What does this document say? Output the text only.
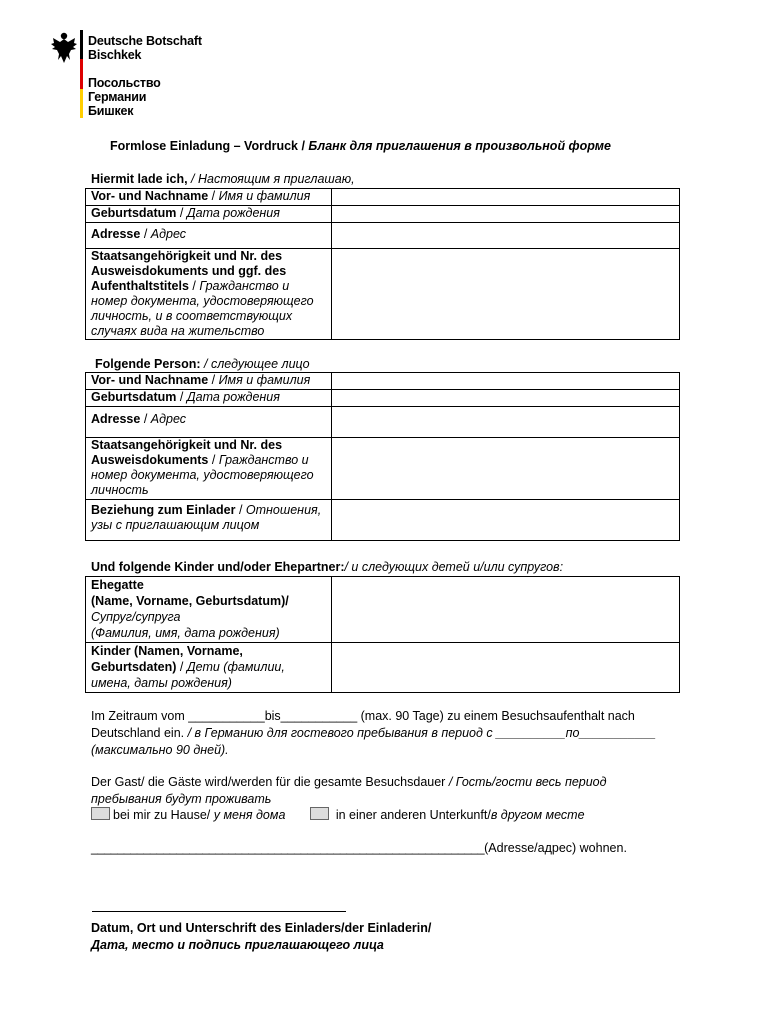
Deutsche Botschaft
Bischkek
Посольство
Германии
Бишкек
Formlose Einladung – Vordruck / Бланк для приглашения в произвольной форме
Hiermit lade ich, / Настоящим я приглашаю,
Vor- und Nachname / Имя и фамилия	
Geburtsdatum / Дата рождения	
Adresse / Адрес	
Staatsangehörigkeit und Nr. des Ausweisdokuments und ggf. des Aufenthaltstitels / Гражданство и номер документа, удостоверяющего личность, и в соответствующих случаях вида на жительство	
Folgende Person: / следующее лицо
Vor- und Nachname / Имя и фамилия	
Geburtsdatum / Дата рождения	
Adresse / Адрес	
Staatsangehörigkeit und Nr. des Ausweisdokuments / Гражданство и номер документа, удостоверяющего личность	
Beziehung zum Einlader / Отношения, узы с приглашающим лицом	
Und folgende Kinder und/oder Ehepartner:/ и следующих детей и/или супругов:
Ehegatte
(Name, Vorname, Geburtsdatum)/
Супруг/супруга
(Фамилия, имя, дата рождения)	

Kinder (Namen, Vorname, Geburtsdaten) / Дети (фамилии, имена, даты рождения)	
Im Zeitraum vom ___________bis___________ (max. 90 Tage) zu einem Besuchsaufenthalt nach
Deutschland ein. / в Германию для гостевого пребывания в период с __________по___________
(максимально 90 дней).
Der Gast/ die Gäste wird/werden für die gesamte Besuchsdauer / Гость/гости весь период
пребывания будут проживать
bei mir zu Hause/ у меня дома	in einer anderen Unterkunft/в другом месте
____________________________________________________________(Adresse/адрес) wohnen.
Datum, Ort und Unterschrift des Einladers/der Einladerin/
Дата, место и подпись приглашающего лица
